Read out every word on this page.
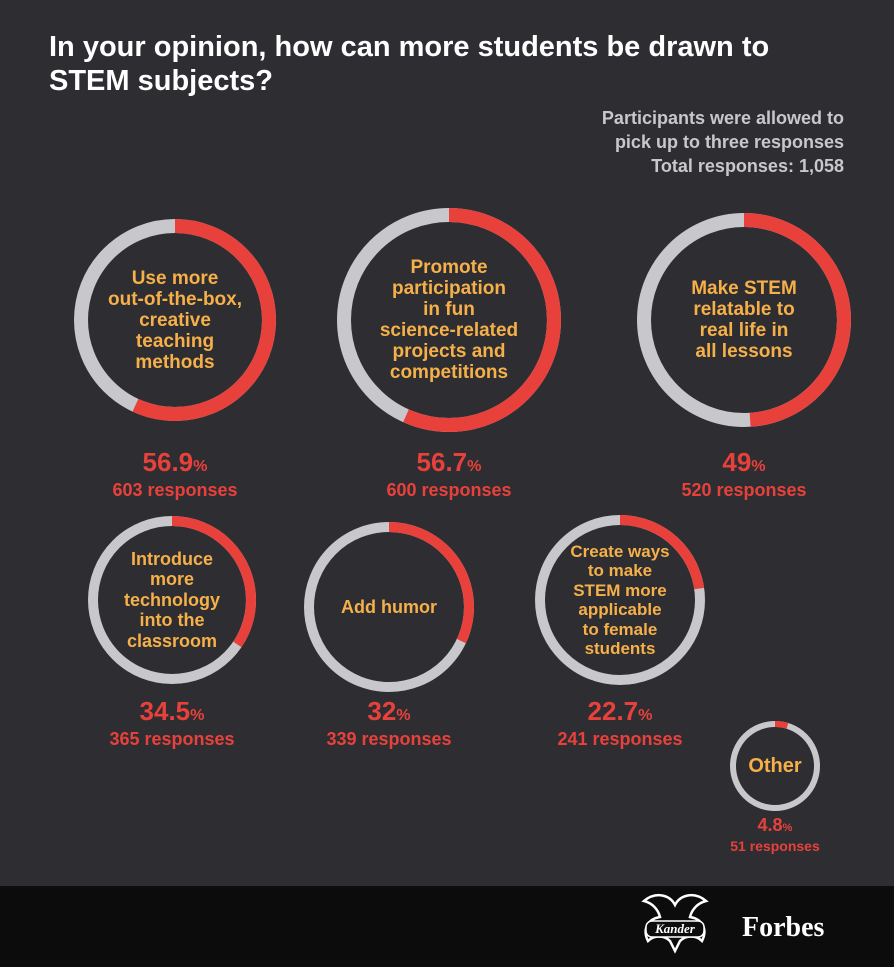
In your opinion, how can more students be drawn to STEM subjects?
Participants were allowed to
pick up to three responses
Total responses: 1,058
Use more
out-of-the-box,
creative
teaching
methods
56.9%
603 responses
Promote
participation
in fun
science-related
projects and
competitions
56.7%
600 responses
Make STEM
relatable to
real life in
all lessons
49%
520 responses
Introduce
more
technology
into the
classroom
34.5%
365 responses
Add humor
32%
339 responses
Create ways
to make
STEM more
applicable
to female
students
22.7%
241 responses
Other
4.8%
51 responses
Kander Forbes
